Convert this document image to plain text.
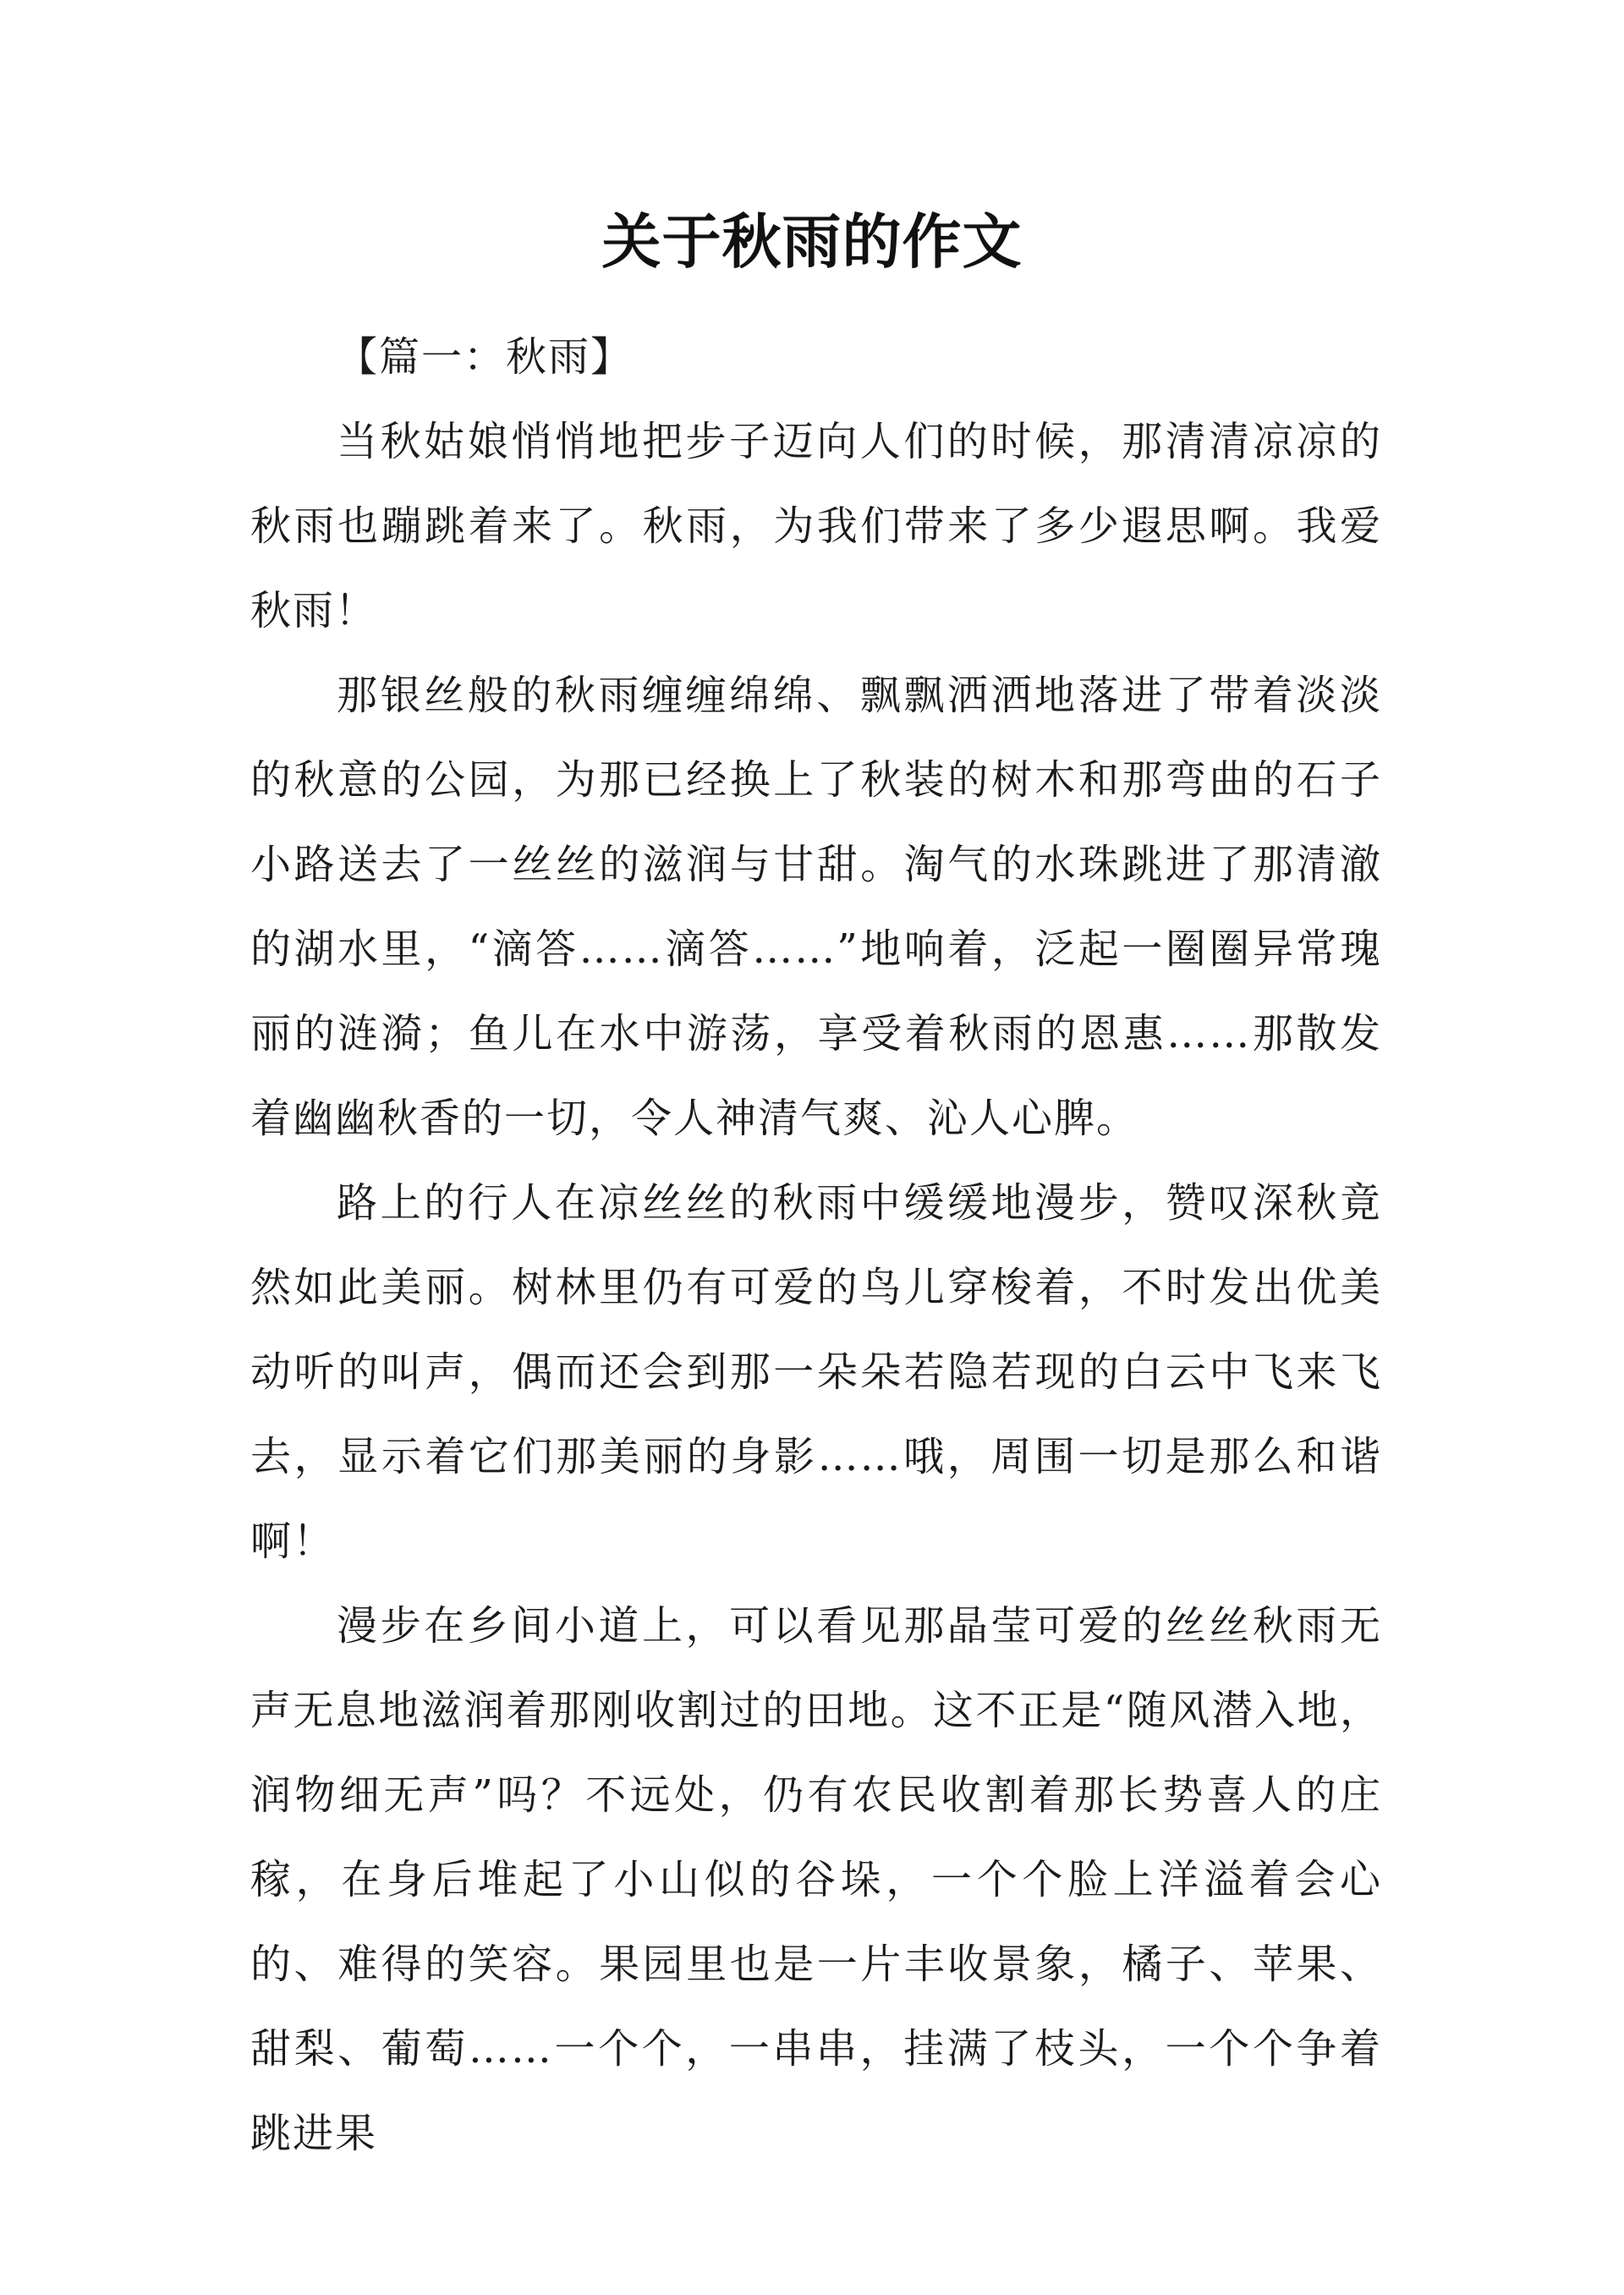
关于秋雨的作文

【篇一：秋雨】

当秋姑娘悄悄地把步子迈向人们的时候，那清清凉凉的秋雨也蹦跳着来了。秋雨，为我们带来了多少遐思啊。我爱秋雨！

那银丝般的秋雨缠缠绵绵、飘飘洒洒地落进了带着淡淡的秋意的公园，为那已经换上了秋装的树木和那弯曲的石子小路送去了一丝丝的滋润与甘甜。淘气的水珠跳进了那清澈的湖水里，“滴答……滴答……”地响着，泛起一圈圈异常瑰丽的涟漪；鱼儿在水中游荡，享受着秋雨的恩惠……那散发着幽幽秋香的一切，令人神清气爽、沁人心脾。

路上的行人在凉丝丝的秋雨中缓缓地漫步，赞叹深秋竟然如此美丽。树林里仍有可爱的鸟儿穿梭着，不时发出优美动听的叫声，偶而还会到那一朵朵若隐若现的白云中飞来飞去，显示着它们那美丽的身影……哦，周围一切是那么和谐啊！

漫步在乡间小道上，可以看见那晶莹可爱的丝丝秋雨无声无息地滋润着那刚收割过的田地。这不正是“随风潜入地，润物细无声”吗？不远处，仍有农民收割着那长势喜人的庄稼，在身后堆起了小山似的谷垛，一个个脸上洋溢着会心的、难得的笑容。果园里也是一片丰收景象，橘子、苹果、甜梨、葡萄……一个个，一串串，挂满了枝头，一个个争着跳进果
